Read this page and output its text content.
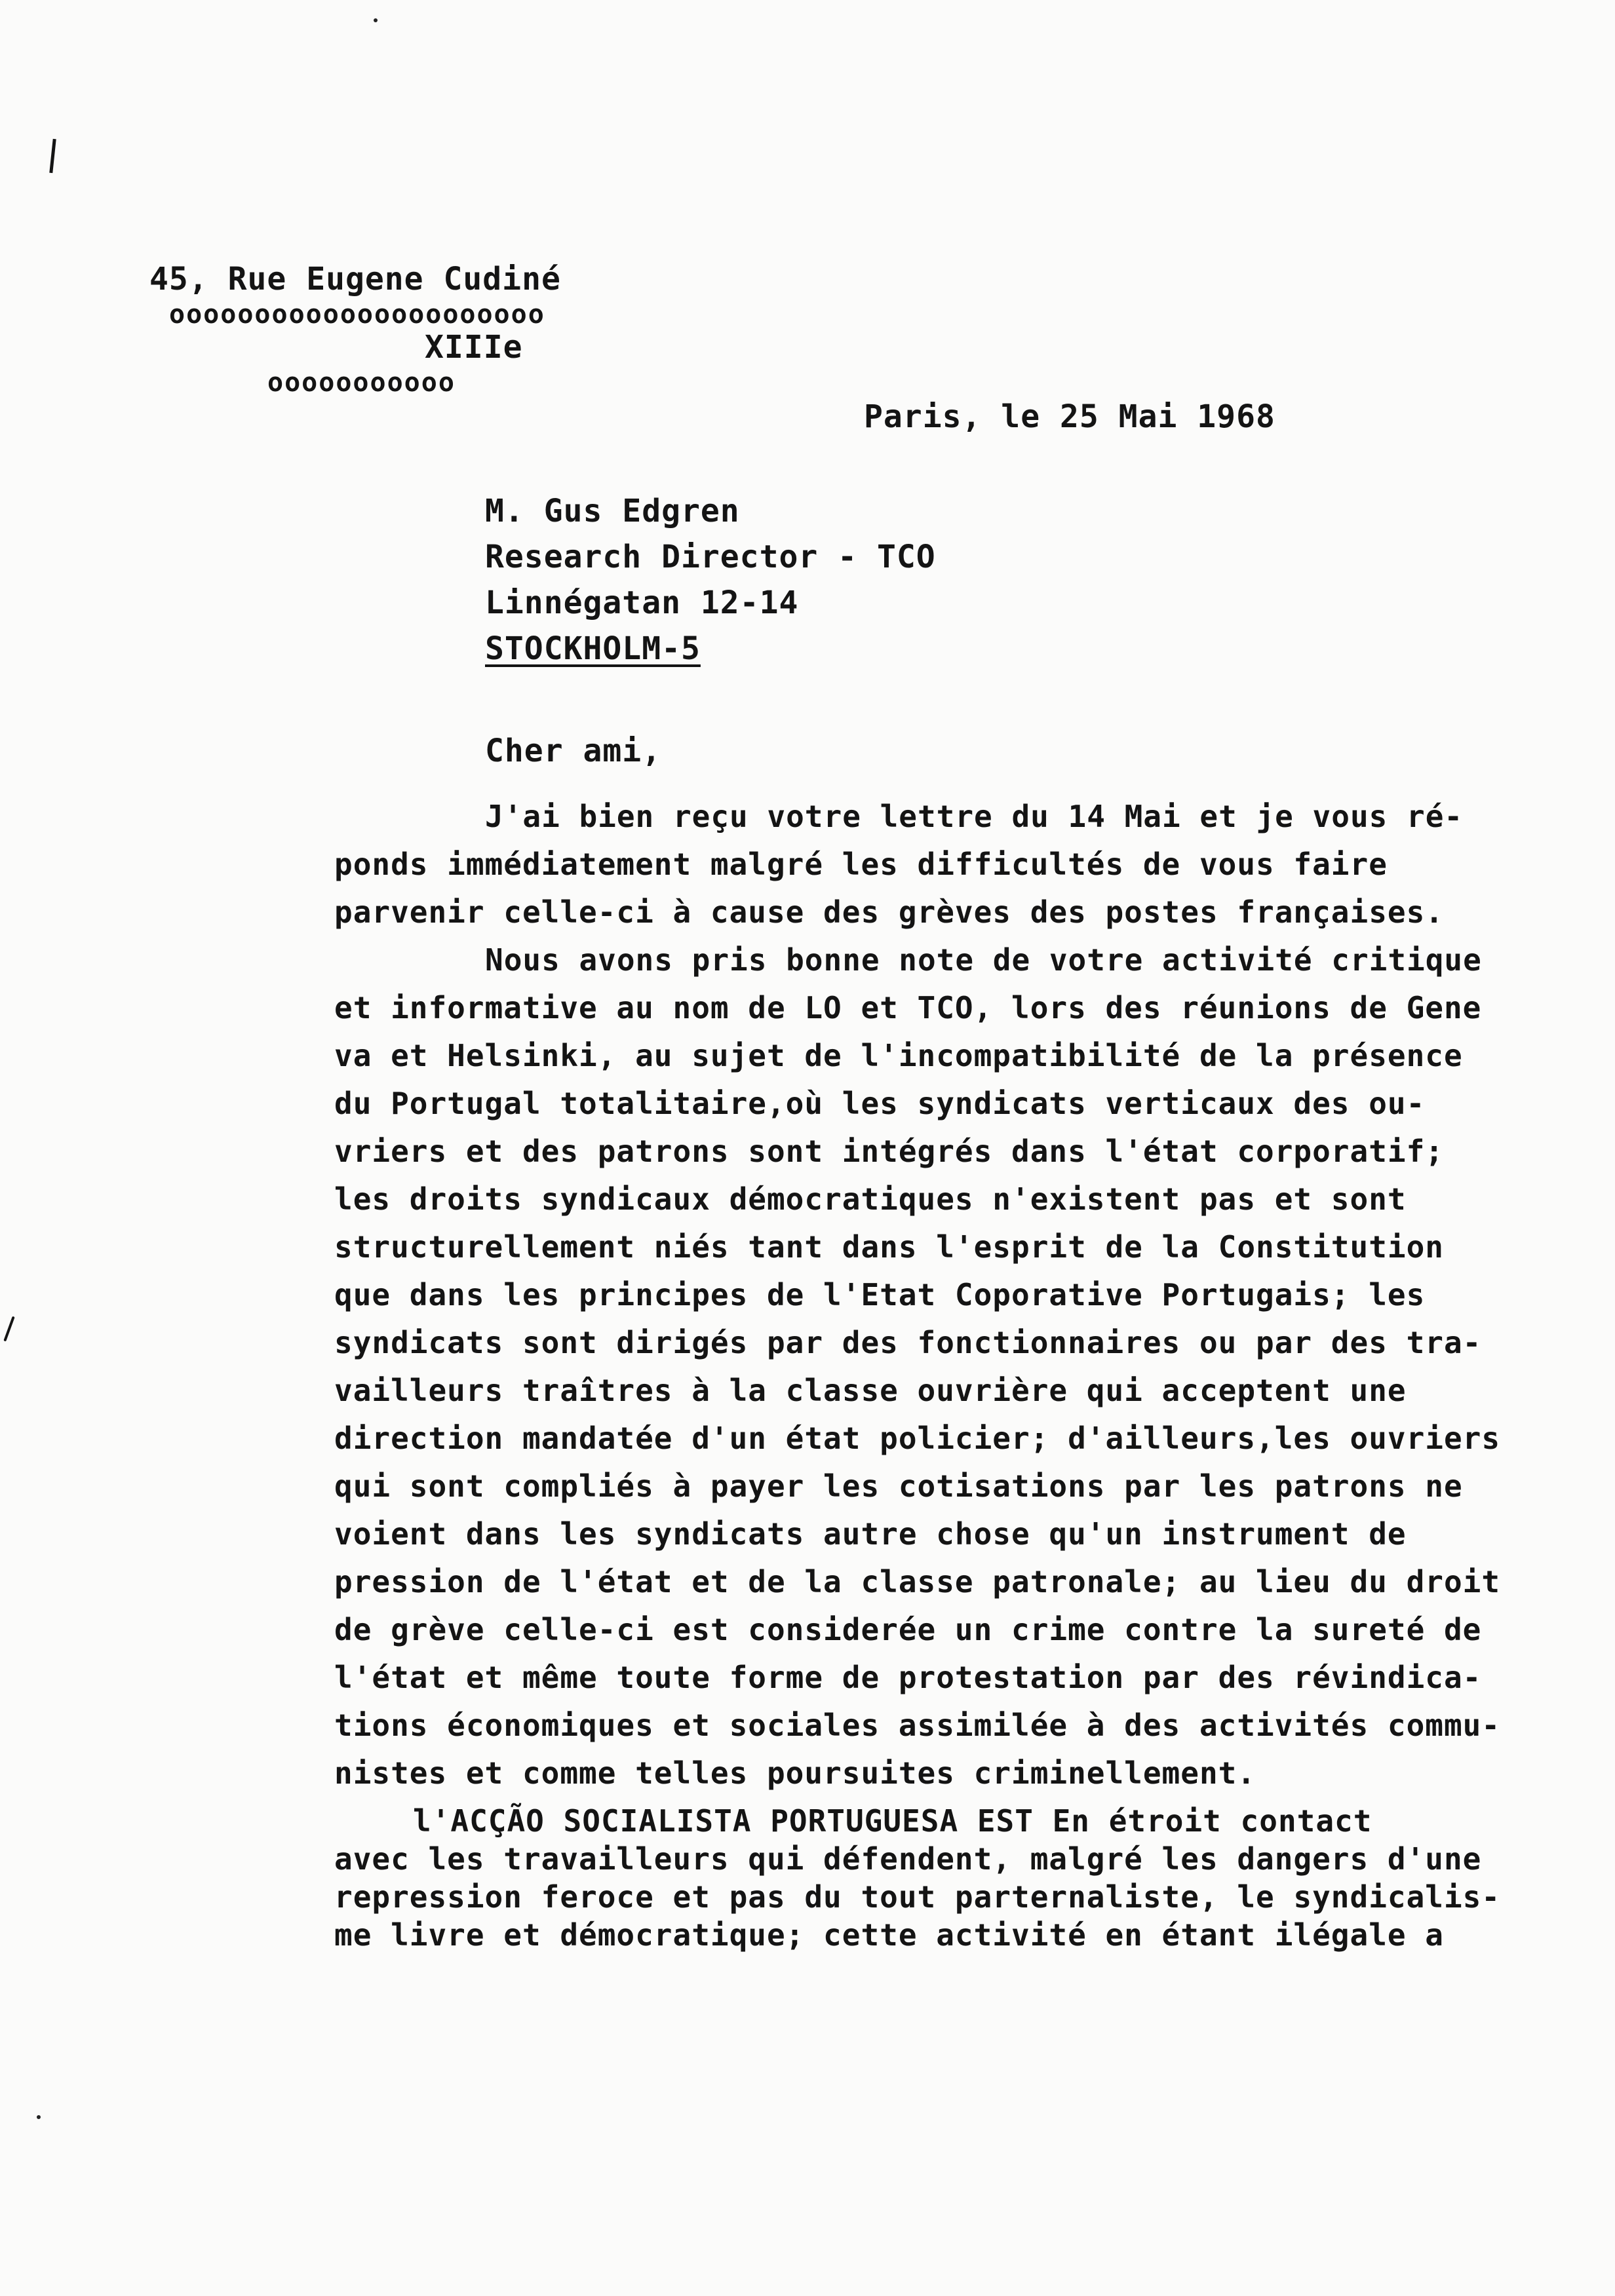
45, Rue Eugene Cudiné
oooooooooooooooooooooo
XIIIe
ooooooooooo
Paris, le 25 Mai 1968
M. Gus Edgren
Research Director - TCO
Linnégatan 12-14
STOCKHOLM-5
Cher ami,
J'ai bien reçu votre lettre du 14 Mai et je vous ré-
ponds immédiatement malgré les difficultés de vous faire
parvenir celle-ci à cause des grèves des postes françaises.
Nous avons pris bonne note de votre activité critique
et informative au nom de LO et TCO, lors des réunions de Gene
va et Helsinki, au sujet de l'incompatibilité de la présence
du Portugal totalitaire,où les syndicats verticaux des ou-
vriers et des patrons sont intégrés dans l'état corporatif;
les droits syndicaux démocratiques n'existent pas et sont
structurellement niés tant dans l'esprit de la Constitution
que dans les principes de l'Etat Coporative Portugais; les
syndicats sont dirigés par des fonctionnaires ou par des tra-
vailleurs traîtres à la classe ouvrière qui acceptent une
direction mandatée d'un état policier; d'ailleurs,les ouvriers
qui sont compliés à payer les cotisations par les patrons ne
voient dans les syndicats autre chose qu'un instrument de
pression de l'état et de la classe patronale; au lieu du droit
de grève celle-ci est considerée un crime contre la sureté de
l'état et même toute forme de protestation par des révindica-
tions économiques et sociales assimilée à des activités commu-
nistes et comme telles poursuites criminellement.
l'ACÇÃO SOCIALISTA PORTUGUESA EST En étroit contact
avec les travailleurs qui défendent, malgré les dangers d'une
repression feroce et pas du tout parternaliste, le syndicalis-
me livre et démocratique; cette activité en étant ilégale a
